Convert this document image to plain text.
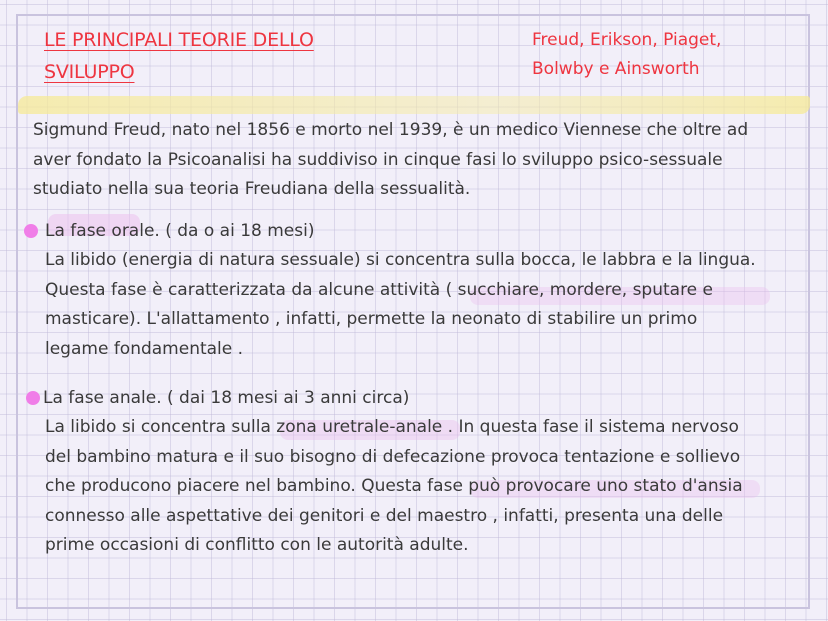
LE PRINCIPALI TEORIE DELLO
SVILUPPO
Freud, Erikson, Piaget,
Bolwby e Ainsworth
Sigmund Freud, nato nel 1856 e morto nel 1939, è un medico Viennese che oltre ad
aver fondato la Psicoanalisi ha suddiviso in cinque fasi lo sviluppo psico-sessuale
studiato nella sua teoria Freudiana della sessualità.
La fase orale. ( da o ai 18 mesi)
La libido (energia di natura sessuale) si concentra sulla bocca, le labbra e la lingua.
Questa fase è caratterizzata da alcune attività ( succhiare, mordere, sputare e
masticare). L'allattamento , infatti, permette la neonato di stabilire un primo
legame fondamentale .
La fase anale. ( dai 18 mesi ai 3 anni circa)
La libido si concentra sulla zona uretrale-anale . In questa fase il sistema nervoso
del bambino matura e il suo bisogno di defecazione provoca tentazione e sollievo
che producono piacere nel bambino. Questa fase può provocare uno stato d'ansia
connesso alle aspettative dei genitori e del maestro , infatti, presenta una delle
prime occasioni di conflitto con le autorità adulte.
